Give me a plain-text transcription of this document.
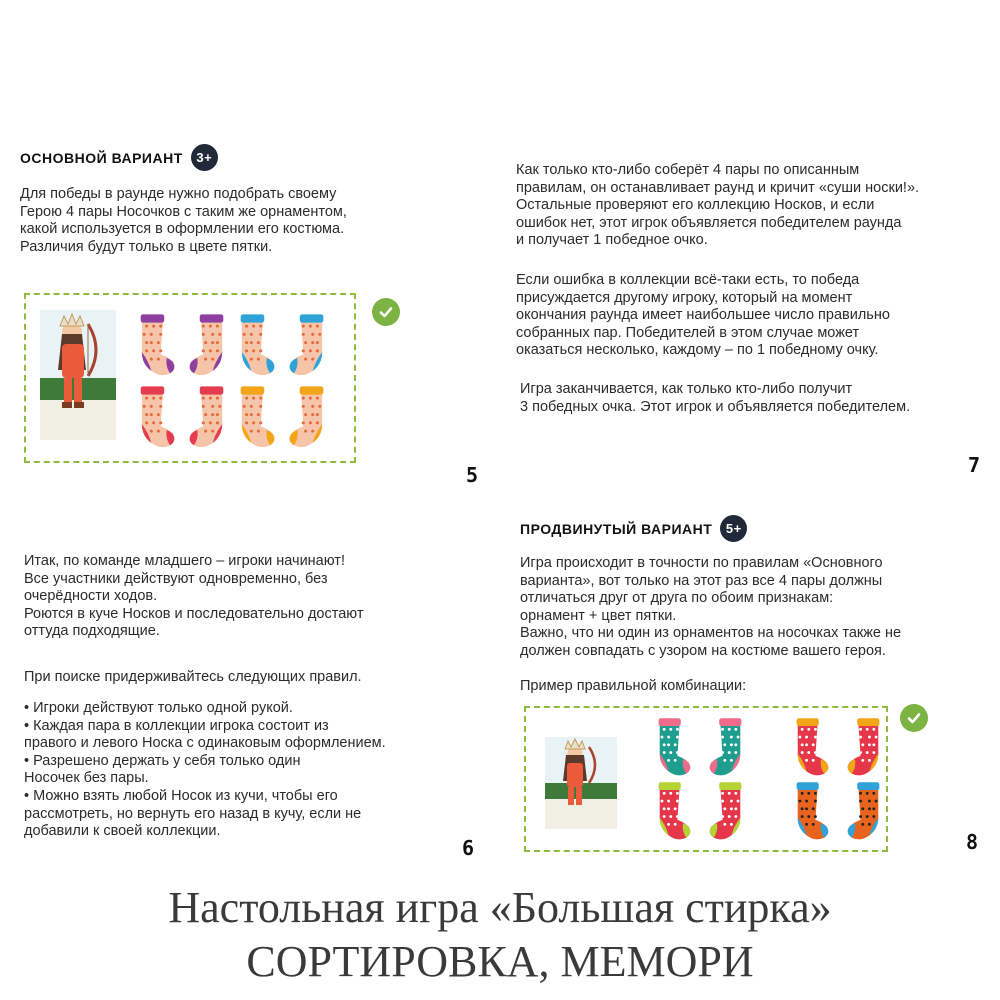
ОСНОВНОЙ ВАРИАНТ	3+
Для победы в раунде нужно подобрать своему
Герою 4 пары Носочков с таким же орнаментом,
какой используется в оформлении его костюма.
Различия будут только в цвете пятки.
5
Как только кто-либо соберёт 4 пары по описанным
правилам, он останавливает раунд и кричит «суши носки!».
Остальные проверяют его коллекцию Носков, и если
ошибок нет, этот игрок объявляется победителем раунда
и получает 1 победное очко.
Если ошибка в коллекции всё-таки есть, то победа
присуждается другому игроку, который на момент
окончания раунда имеет наибольшее число правильно
собранных пар. Победителей в этом случае может
оказаться несколько, каждому – по 1 победному очку.
Игра заканчивается, как только кто-либо получит
3 победных очка. Этот игрок и объявляется победителем.
7
Итак, по команде младшего – игроки начинают!
Все участники действуют одновременно, без
очерёдности ходов.
Роются в куче Носков и последовательно достают
оттуда подходящие.
При поиске придерживайтесь следующих правил.
• Игроки действуют только одной рукой.
• Каждая пара в коллекции игрока состоит из
правого и левого Носка с одинаковым оформлением.
• Разрешено держать у себя только один
Носочек без пары.
• Можно взять любой Носок из кучи, чтобы его
рассмотреть, но вернуть его назад в кучу, если не
добавили к своей коллекции.
6
ПРОДВИНУТЫЙ ВАРИАНТ	5+
Игра происходит в точности по правилам «Основного
варианта», вот только на этот раз все 4 пары должны
отличаться друг от друга по обоим признакам:
орнамент + цвет пятки.
Важно, что ни один из орнаментов на носочках также не
должен совпадать с узором на костюме вашего героя.
Пример правильной комбинации:
8
Настольная игра «Большая стирка»
СОРТИРОВКА, МЕМОРИ
